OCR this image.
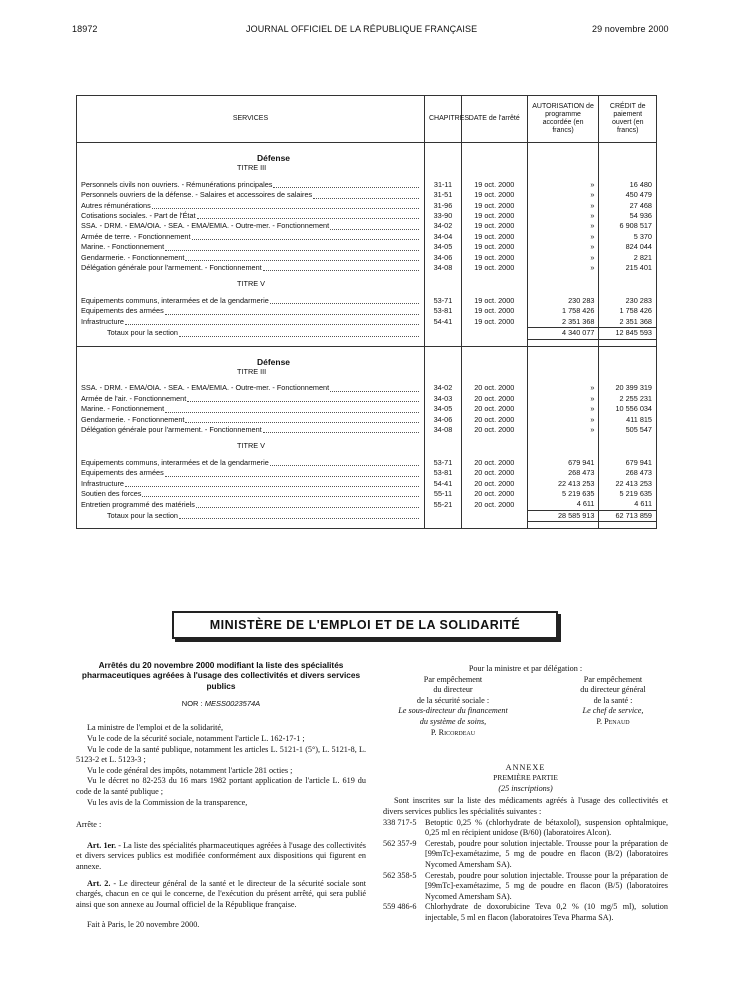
18972	JOURNAL OFFICIEL DE LA RÉPUBLIQUE FRANÇAISE	29 novembre 2000
SERVICES	CHAPITRES	DATE de l'arrêté	AUTORISATION de programme accordée (en francs)	CRÉDIT de paiement ouvert (en francs)

Défense				
TITRE III				

Personnels civils non ouvriers. - Rémunérations principales	31-11	19 oct. 2000	»	16 480

Personnels ouvriers de la défense. - Salaires et accessoires de salaires	31-51	19 oct. 2000	»	450 479

Autres rémunérations	31-96	19 oct. 2000	»	27 468

Cotisations sociales. - Part de l'État	33-90	19 oct. 2000	»	54 936

SSA. - DRM. - EMA/OIA. - SEA. - EMA/EMIA. - Outre-mer. - Fonctionnement	34-02	19 oct. 2000	»	6 908 517

Armée de terre. - Fonctionnement	34-04	19 oct. 2000	»	5 370

Marine. - Fonctionnement	34-05	19 oct. 2000	»	824 044

Gendarmerie. - Fonctionnement	34-06	19 oct. 2000	»	2 821

Délégation générale pour l'armement. - Fonctionnement	34-08	19 oct. 2000	»	215 401

TITRE V				

Equipements communs, interarmées et de la gendarmerie	53-71	19 oct. 2000	230 283	230 283

Equipements des armées	53-81	19 oct. 2000	1 758 426	1 758 426

Infrastructure	54-41	19 oct. 2000	2 351 368	2 351 368

Totaux pour la section			4 340 077	12 845 593

Défense				
TITRE III				

SSA. - DRM. - EMA/OIA. - SEA. - EMA/EMIA. - Outre-mer. - Fonctionnement	34-02	20 oct. 2000	»	20 399 319

Armée de l'air. - Fonctionnement	34-03	20 oct. 2000	»	2 255 231

Marine. - Fonctionnement	34-05	20 oct. 2000	»	10 556 034

Gendarmerie. - Fonctionnement	34-06	20 oct. 2000	»	411 815

Délégation générale pour l'armement. - Fonctionnement	34-08	20 oct. 2000	»	505 547

TITRE V				

Equipements communs, interarmées et de la gendarmerie	53-71	20 oct. 2000	679 941	679 941

Equipements des armées	53-81	20 oct. 2000	268 473	268 473

Infrastructure	54-41	20 oct. 2000	22 413 253	22 413 253

Soutien des forces	55-11	20 oct. 2000	5 219 635	5 219 635

Entretien programmé des matériels	55-21	20 oct. 2000	4 611	4 611

Totaux pour la section			28 585 913	62 713 859

MINISTÈRE DE L'EMPLOI ET DE LA SOLIDARITÉ
Arrêtés du 20 novembre 2000 modifiant la liste des spécialités pharmaceutiques agréées à l'usage des collectivités et divers services publics
NOR : MESS0023574A

La ministre de l'emploi et de la solidarité,

Vu le code de la sécurité sociale, notamment l'article L. 162-17-1 ;

Vu le code de la santé publique, notamment les articles L. 5121-1 (5°), L. 5121-8, L. 5123-2 et L. 5123-3 ;

Vu le code général des impôts, notamment l'article 281 octies ;

Vu le décret no 82-253 du 16 mars 1982 portant application de l'article L. 619 du code de la santé publique ;

Vu les avis de la Commission de la transparence,

Arrête :

Art. 1er. - La liste des spécialités pharmaceutiques agréées à l'usage des collectivités et divers services publics est modifiée conformément aux dispositions qui figurent en annexe.

Art. 2. - Le directeur général de la santé et le directeur de la sécurité sociale sont chargés, chacun en ce qui le concerne, de l'exécution du présent arrêté, qui sera publié ainsi que son annexe au Journal officiel de la République française.

Fait à Paris, le 20 novembre 2000.

Pour la ministre et par délégation :
Par empêchement
du directeur
de la sécurité sociale :
Le sous-directeur du financement
du système de soins,
P. Ricordeau
Par empêchement
du directeur général
de la santé :
Le chef de service,
P. Penaud
ANNEXE
PREMIÈRE PARTIE
(25 inscriptions)
Sont inscrites sur la liste des médicaments agréés à l'usage des collectivités et divers services publics les spécialités suivantes :
338 717-5	Betoptic 0,25 % (chlorhydrate de bétaxolol), suspension ophtalmique, 0,25 ml en récipient unidose (B/60) (laboratoires Alcon).
562 357-9	Cerestab, poudre pour solution injectable. Trousse pour la préparation de [99mTc]-examétazime, 5 mg de poudre en flacon (B/2) (laboratoires Nycomed Amersham SA).
562 358-5	Cerestab, poudre pour solution injectable. Trousse pour la préparation de [99mTc]-examétazime, 5 mg de poudre en flacon (B/5) (laboratoires Nycomed Amersham SA).
559 486-6	Chlorhydrate de doxorubicine Teva 0,2 % (10 mg/5 ml), solution injectable, 5 ml en flacon (laboratoires Teva Pharma SA).
